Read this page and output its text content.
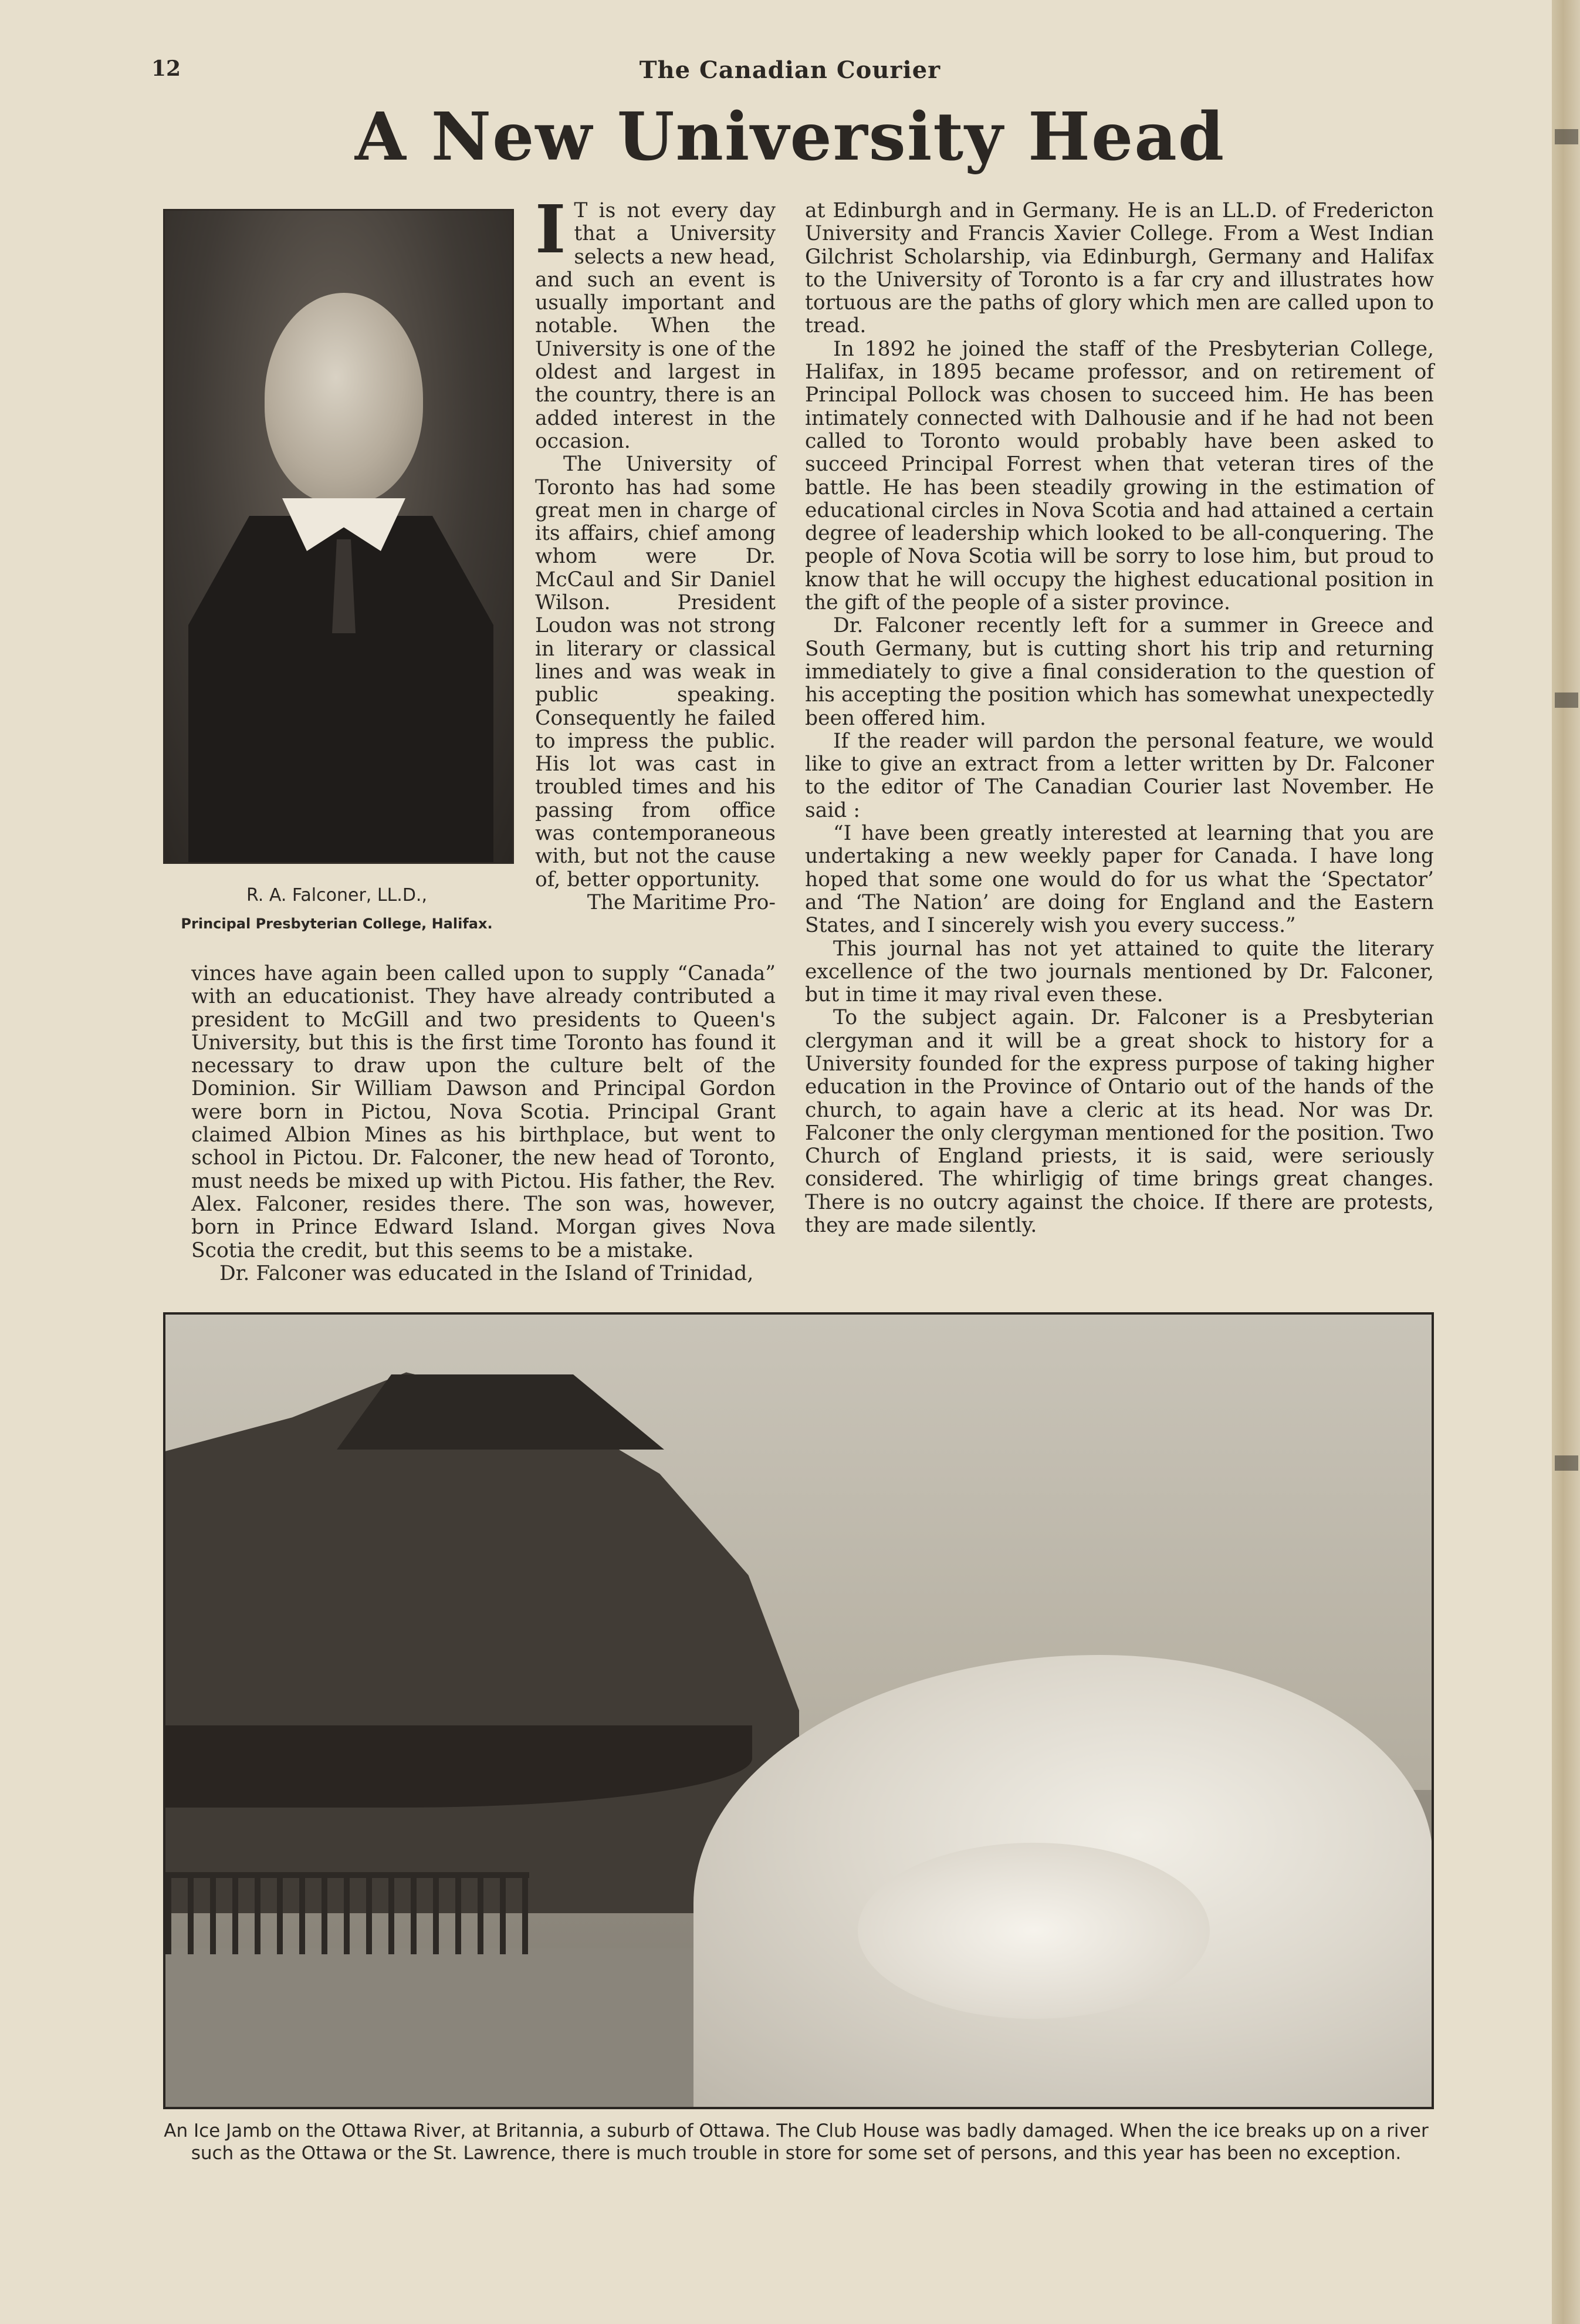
12	The Canadian Courier
A New University Head
R. A. Falconer, LL.D.,
Principal Presbyterian College, Halifax.

I T is not every day that a University selects a new head, and such an event is usually important and notable. When the University is one of the oldest and largest in the country, there is an added interest in the occasion.

The University of Toronto has had some great men in charge of its affairs, chief among whom were Dr. McCaul and Sir Daniel Wilson. President Loudon was not strong in literary or classical lines and was weak in public speaking. Consequently he failed to impress the public. His lot was cast in troubled times and his passing from office was contemporaneous with, but not the cause of, better opportunity.

The Maritime Pro-

vinces have again been called upon to supply “Canada” with an educationist. They have already contributed a president to McGill and two presidents to Queen's University, but this is the first time Toronto has found it necessary to draw upon the culture belt of the Dominion. Sir William Dawson and Principal Gordon were born in Pictou, Nova Scotia. Principal Grant claimed Albion Mines as his birthplace, but went to school in Pictou. Dr. Falconer, the new head of Toronto, must needs be mixed up with Pictou. His father, the Rev. Alex. Falconer, resides there. The son was, however, born in Prince Edward Island. Morgan gives Nova Scotia the credit, but this seems to be a mistake.

Dr. Falconer was educated in the Island of Trinidad,

at Edinburgh and in Germany. He is an LL.D. of Fredericton University and Francis Xavier College. From a West Indian Gilchrist Scholarship, via Edinburgh, Germany and Halifax to the University of Toronto is a far cry and illustrates how tortuous are the paths of glory which men are called upon to tread.

In 1892 he joined the staff of the Presbyterian College, Halifax, in 1895 became professor, and on retirement of Principal Pollock was chosen to succeed him. He has been intimately connected with Dalhousie and if he had not been called to Toronto would probably have been asked to succeed Principal Forrest when that veteran tires of the battle. He has been steadily growing in the estimation of educational circles in Nova Scotia and had attained a certain degree of leadership which looked to be all-conquering. The people of Nova Scotia will be sorry to lose him, but proud to know that he will occupy the highest educational position in the gift of the people of a sister province.

Dr. Falconer recently left for a summer in Greece and South Germany, but is cutting short his trip and returning immediately to give a final consideration to the question of his accepting the position which has somewhat unexpectedly been offered him.

If the reader will pardon the personal feature, we would like to give an extract from a letter written by Dr. Falconer to the editor of The Canadian Courier last November. He said :

“I have been greatly interested at learning that you are undertaking a new weekly paper for Canada. I have long hoped that some one would do for us what the ‘Spectator’ and ‘The Nation’ are doing for England and the Eastern States, and I sincerely wish you every success.”

This journal has not yet attained to quite the literary excellence of the two journals mentioned by Dr. Falconer, but in time it may rival even these.

To the subject again. Dr. Falconer is a Presbyterian clergyman and it will be a great shock to history for a University founded for the express purpose of taking higher education in the Province of Ontario out of the hands of the church, to again have a cleric at its head. Nor was Dr. Falconer the only clergyman mentioned for the position. Two Church of England priests, it is said, were seriously considered. The whirligig of time brings great changes. There is no outcry against the choice. If there are protests, they are made silently.

An Ice Jamb on the Ottawa River, at Britannia, a suburb of Ottawa. The Club House was badly damaged. When the ice breaks up on a river such as the Ottawa or the St. Lawrence, there is much trouble in store for some set of persons, and this year has been no exception.
